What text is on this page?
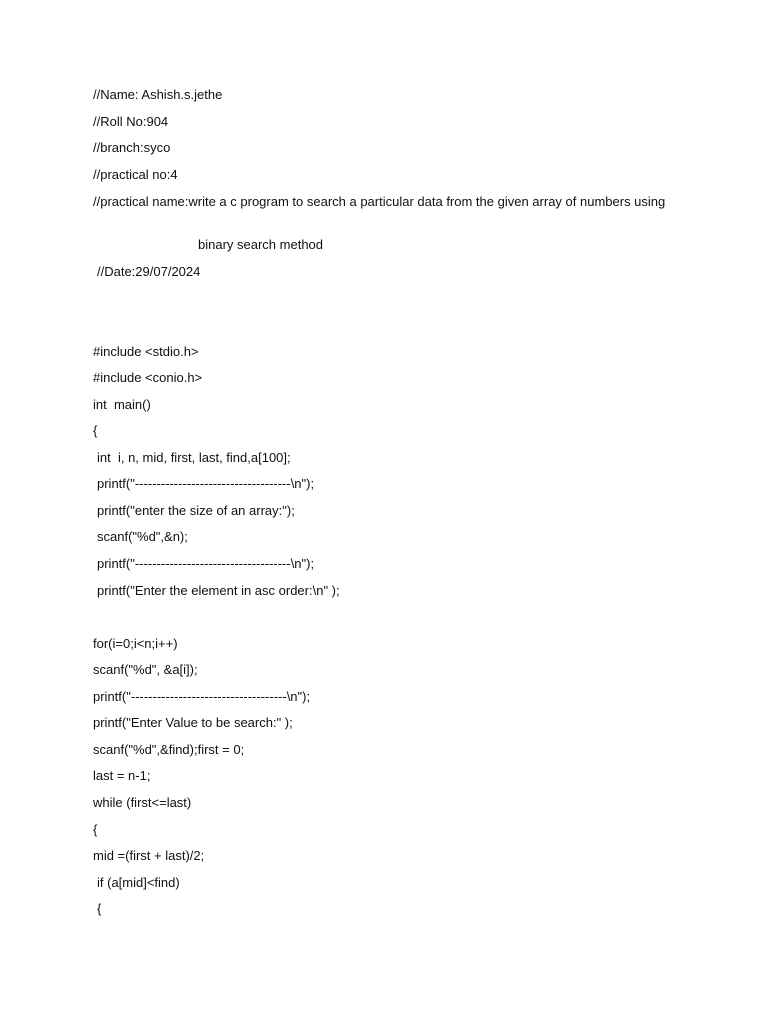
//Name: Ashish.s.jethe
//Roll No:904
//branch:syco
//practical no:4
//practical name:write a c program to search a particular data from the given array of numbers using
binary search method
//Date:29/07/2024
#include <stdio.h>
#include <conio.h>
int  main()
{
int  i, n, mid, first, last, find,a[100];
printf("------------------------------------\n");
printf("enter the size of an array:");
scanf("%d",&n);
printf("------------------------------------\n");
printf("Enter the element in asc order:\n" );
for(i=0;i<n;i++)
scanf("%d", &a[i]);
printf("------------------------------------\n");
printf("Enter Value to be search:" );
scanf("%d",&find);first = 0;
last = n-1;
while (first<=last)
{
mid =(first + last)/2;
if (a[mid]<find)
{
